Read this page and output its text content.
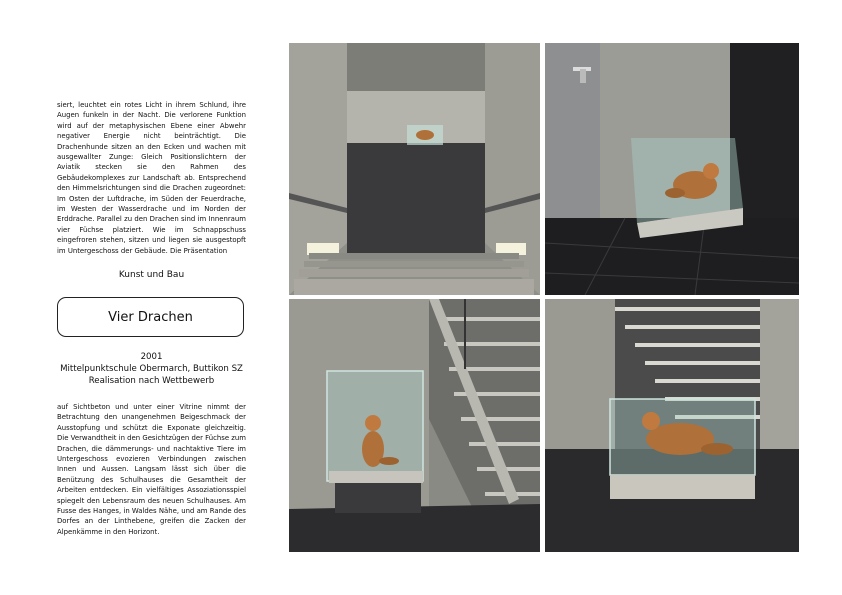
siert, leuchtet ein rotes Licht in ihrem Schlund, ihre Augen funkeln in der Nacht. Die verlorene Funktion wird auf der metaphysischen Ebene einer Abwehr negativer Energie nicht beinträchtigt. Die Drachenhunde sitzen an den Ecken und wachen mit ausgewallter Zunge: Gleich Positionslichtern der Aviatik stecken sie den Rahmen des Gebäudekomplexes zur Landschaft ab. Entsprechend den Himmelsrichtungen sind die Drachen zugeordnet: Im Osten der Luftdrache, im Süden der Feuerdrache, im Westen der Wasserdrache und im Norden der Erddrache. Parallel zu den Drachen sind im Innenraum vier Füchse platziert. Wie im Schnappschuss eingefroren stehen, sitzen und liegen sie ausgestopft im Untergeschoss der Gebäude. Die Präsentation

Kunst und Bau
Vier Drachen
2001
Mittelpunktschule Obermarch, Buttikon SZ
Realisation nach Wettbewerb

auf Sichtbeton und unter einer Vitrine nimmt der Betrachtung den unangenehmen Beigeschmack der Ausstopfung und schützt die Exponate gleichzeitig. Die Verwandtheit in den Gesichtzügen der Füchse zum Drachen, die dämmerungs- und nachtaktive Tiere im Untergeschoss evozieren Verbindungen zwischen Innen und Aussen. Langsam lässt sich über die Benützung des Schulhauses die Gesamtheit der Arbeiten entdecken. Ein vielfältiges Assoziationsspiel spiegelt den Lebensraum des neuen Schulhauses. Am Fusse des Hanges, in Waldes Nähe, und am Rande des Dorfes an der Linthebene, greifen die Zacken der Alpenkämme in den Horizont.
